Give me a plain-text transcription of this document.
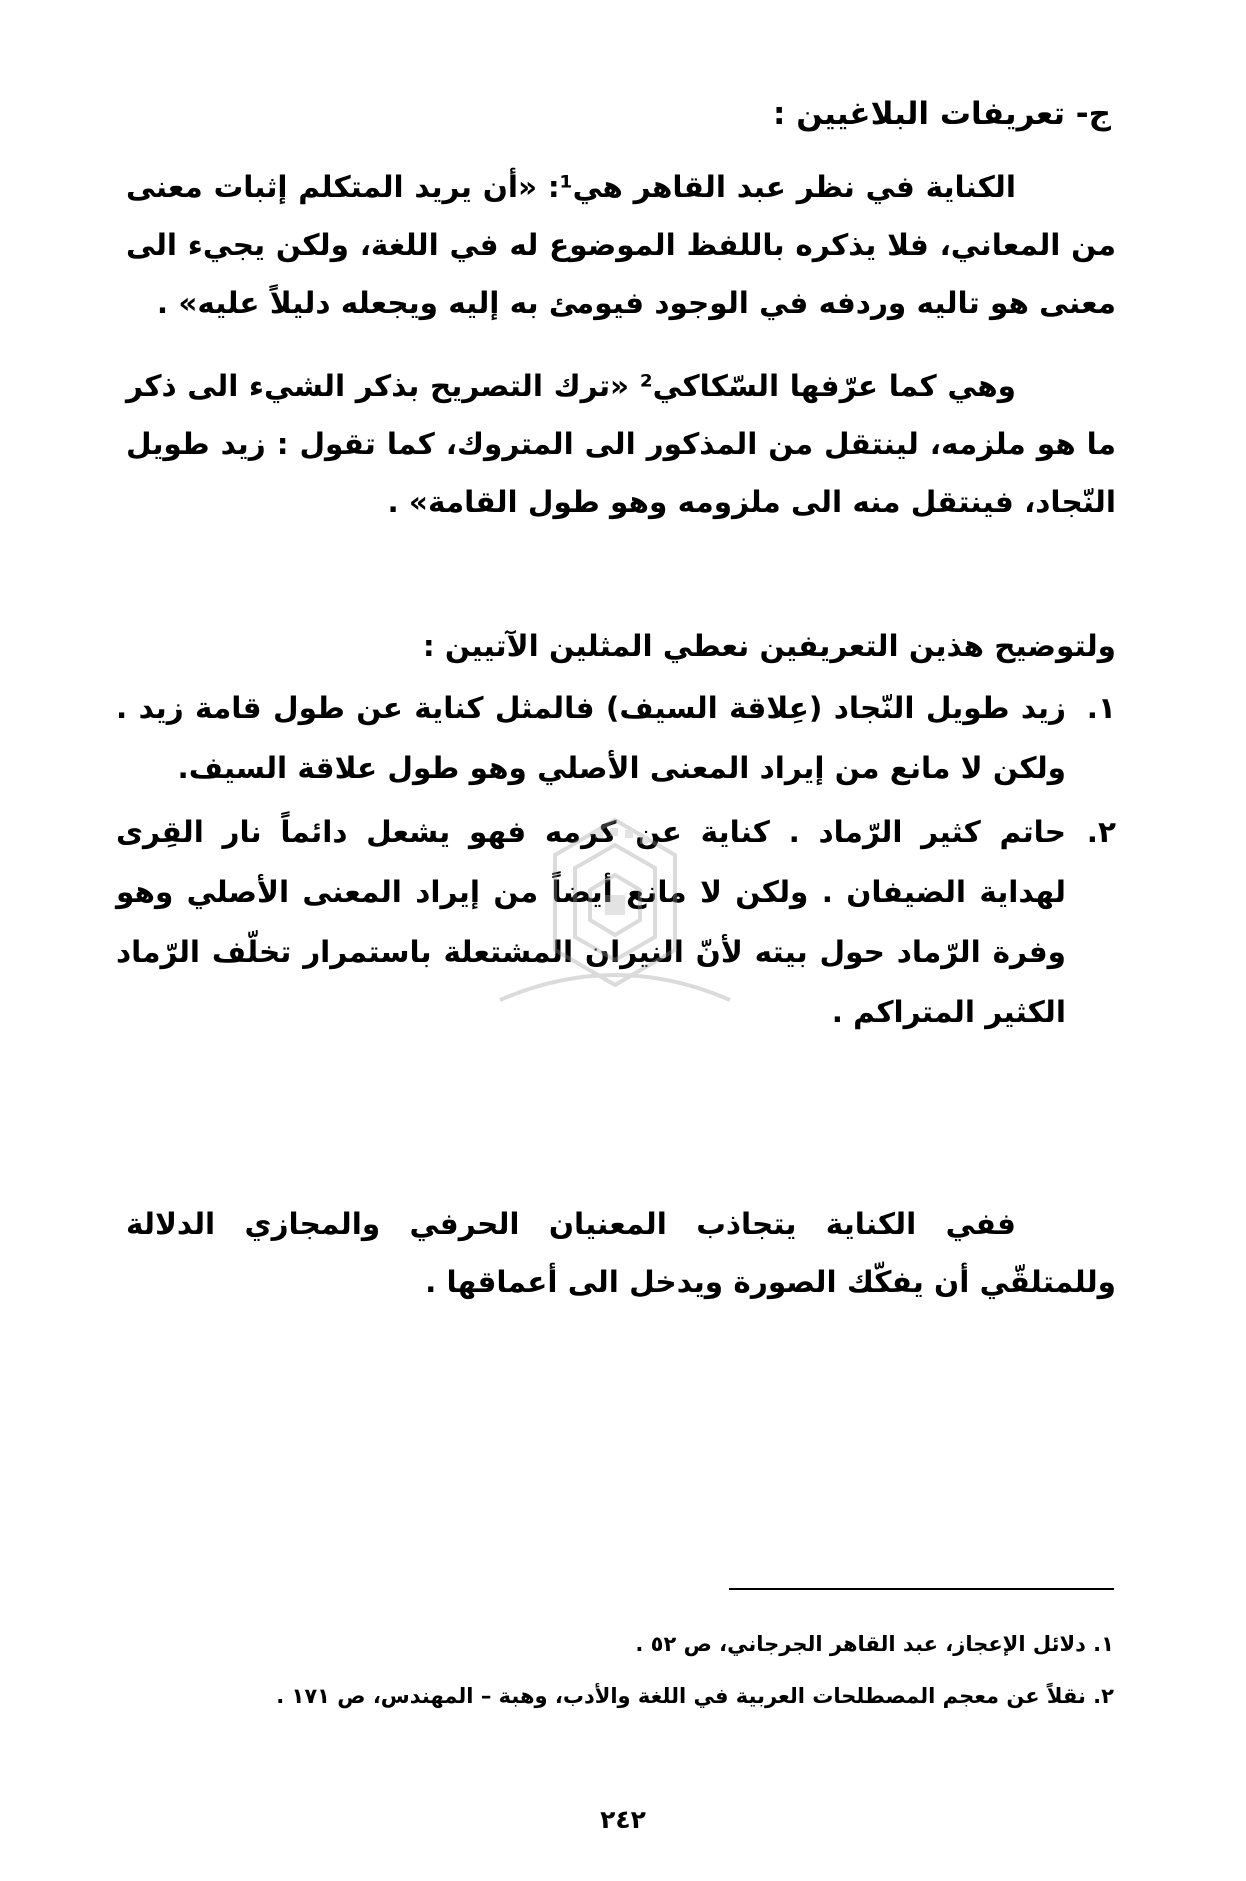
ج- تعريفات البلاغيين :
الكناية في نظر عبد القاهر هي¹: «أن يريد المتكلم إثبات معنى من المعاني، فلا يذكره باللفظ الموضوع له في اللغة، ولكن يجيء الى معنى هو تاليه وردفه في الوجود فيومئ به إليه ويجعله دليلاً عليه» .
وهي كما عرّفها السّكاكي² «ترك التصريح بذكر الشيء الى ذكر ما هو ملزمه، لينتقل من المذكور الى المتروك، كما تقول : زيد طويل النّجاد، فينتقل منه الى ملزومه وهو طول القامة» .
ولتوضيح هذين التعريفين نعطي المثلين الآتيين :
١.
زيد طويل النّجاد (عِلاقة السيف) فالمثل كناية عن طول قامة زيد . ولكن لا مانع من إيراد المعنى الأصلي وهو طول علاقة السيف.
٢.
حاتم كثير الرّماد . كناية عن كرمه فهو يشعل دائماً نار القِرى لهداية الضيفان . ولكن لا مانع أيضاً من إيراد المعنى الأصلي وهو وفرة الرّماد حول بيته لأنّ النيران المشتعلة باستمرار تخلّف الرّماد الكثير المتراكم .
ففي الكناية يتجاذب المعنيان الحرفي والمجازي الدلالة وللمتلقّي أن يفكّك الصورة ويدخل الى أعماقها .
١. دلائل الإعجاز، عبد القاهر الجرجاني، ص ٥٢ .
٢. نقلاً عن معجم المصطلحات العربية في اللغة والأدب، وهبة – المهندس، ص ١٧١ .
٢٤٢
